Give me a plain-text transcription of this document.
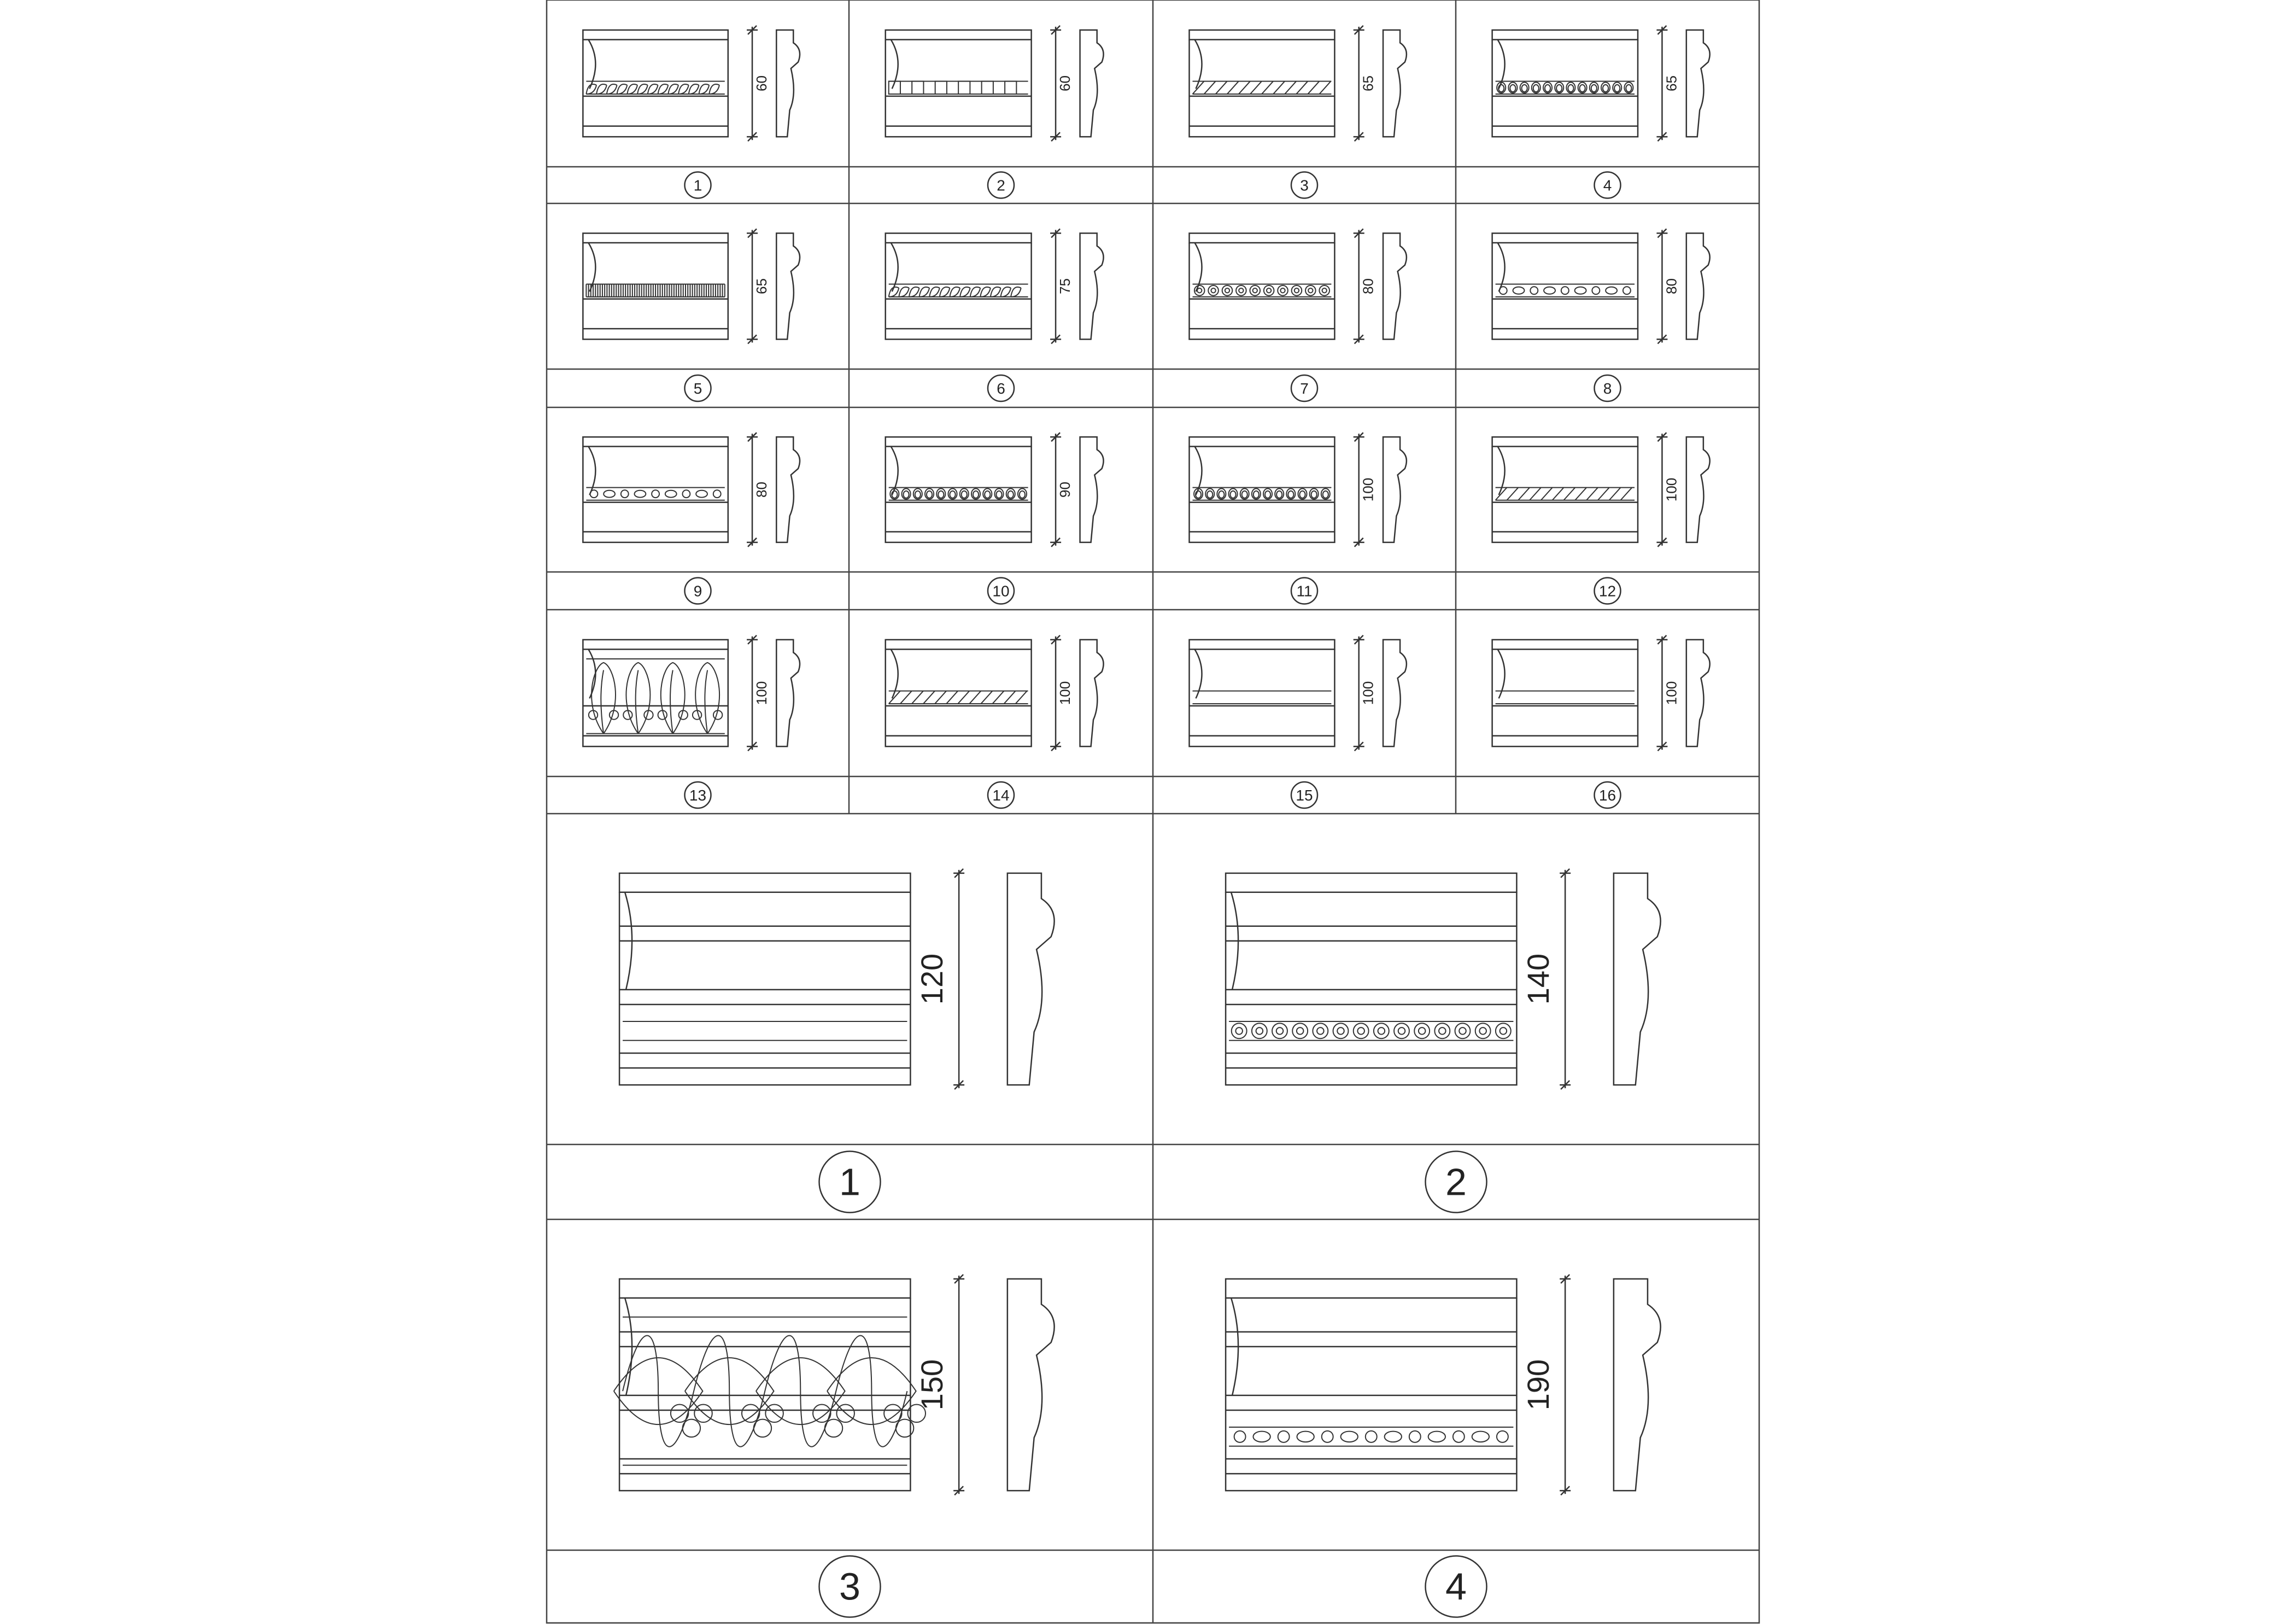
60
1
60
2
65
3
65
4
65
5
75
6
80
7
80
8
80
9
90
10
100
11
100
12
100
13
100
14
100
15
100
16
120
1
140
2
150
3
190
4
